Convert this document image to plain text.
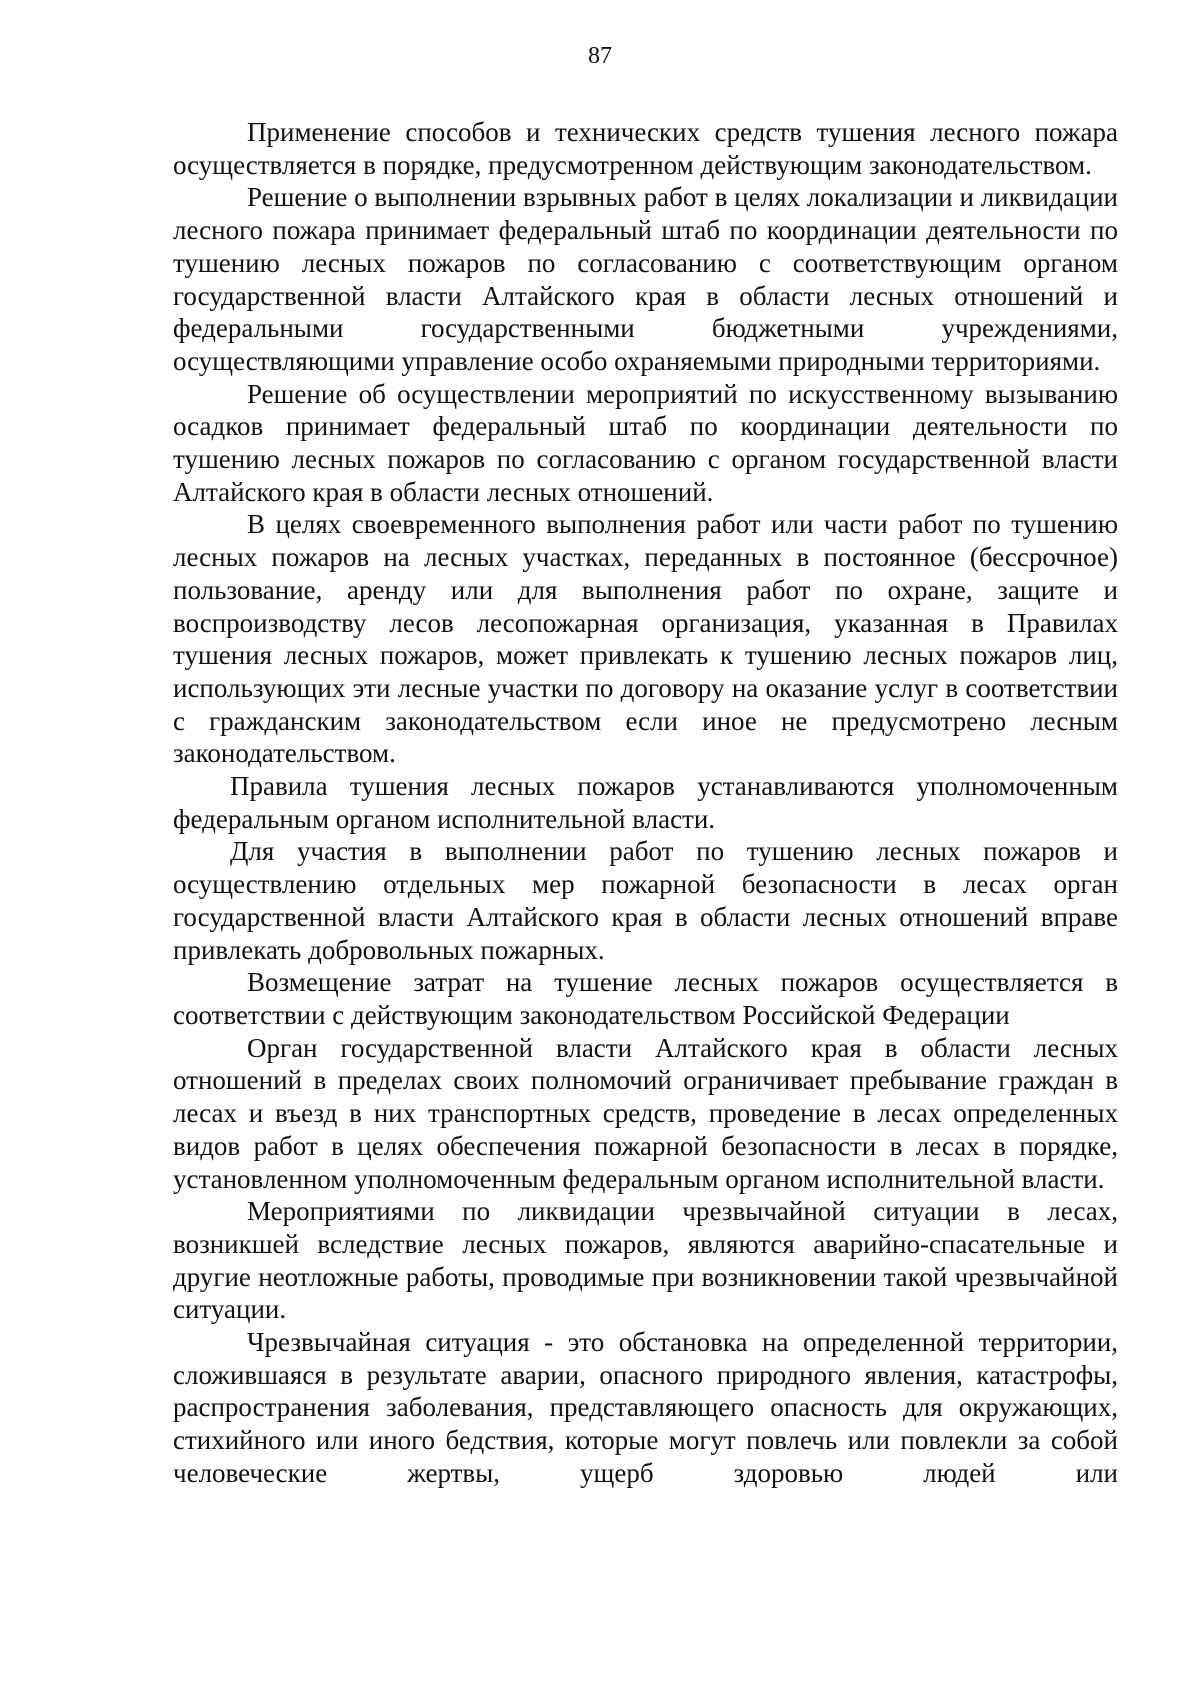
87

Применение способов и технических средств тушения лесного пожара осуществляется в порядке, предусмотренном действующим законодательством.

Решение о выполнении взрывных работ в целях локализации и ликвидации лесного пожара принимает федеральный штаб по координации деятельности по тушению лесных пожаров по согласованию с соответствующим органом государственной власти Алтайского края в области лесных отношений и федеральными государственными бюджетными учреждениями, осуществляющими управление особо охраняемыми природными территориями.

Решение об осуществлении мероприятий по искусственному вызыванию осадков принимает федеральный штаб по координации деятельности по тушению лесных пожаров по согласованию с органом государственной власти Алтайского края в области лесных отношений.

В целях своевременного выполнения работ или части работ по тушению лесных пожаров на лесных участках, переданных в постоянное (бессрочное) пользование, аренду или для выполнения работ по охране, защите и воспроизводству лесов лесопожарная организация, указанная в Правилах тушения лесных пожаров, может привлекать к тушению лесных пожаров лиц, использующих эти лесные участки по договору на оказание услуг в соответствии с гражданским законодательством если иное не предусмотрено лесным законодательством.

Правила тушения лесных пожаров устанавливаются уполномоченным федеральным органом исполнительной власти.

Для участия в выполнении работ по тушению лесных пожаров и осуществлению отдельных мер пожарной безопасности в лесах орган государственной власти Алтайского края в области лесных отношений вправе привлекать добровольных пожарных.

Возмещение затрат на тушение лесных пожаров осуществляется в соответствии с действующим законодательством Российской Федерации

Орган государственной власти Алтайского края в области лесных отношений в пределах своих полномочий ограничивает пребывание граждан в лесах и въезд в них транспортных средств, проведение в лесах определенных видов работ в целях обеспечения пожарной безопасности в лесах в порядке, установленном уполномоченным федеральным органом исполнительной власти.

Мероприятиями по ликвидации чрезвычайной ситуации в лесах, возникшей вследствие лесных пожаров, являются аварийно-спасательные и другие неотложные работы, проводимые при возникновении такой чрезвычайной ситуации.

Чрезвычайная ситуация - это обстановка на определенной территории, сложившаяся в результате аварии, опасного природного явления, катастрофы, распространения заболевания, представляющего опасность для окружающих, стихийного или иного бедствия, которые могут повлечь или повлекли за собой человеческие жертвы, ущерб здоровью людей или
